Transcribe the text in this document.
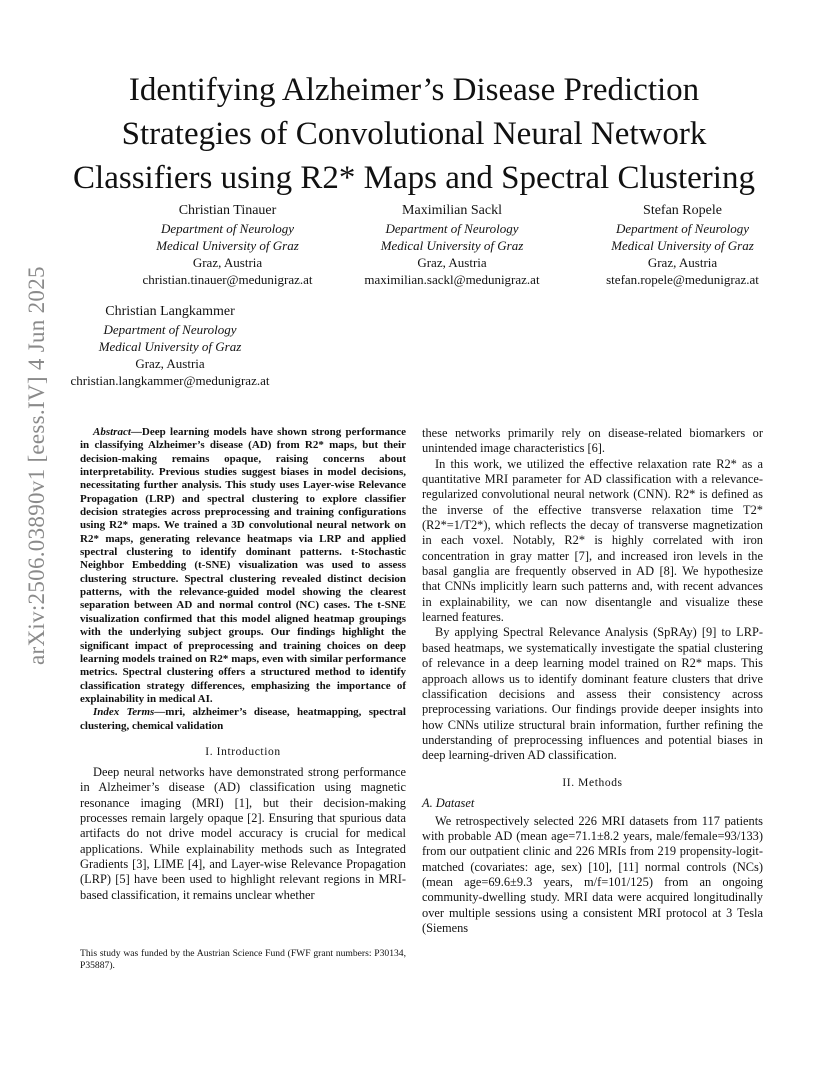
arXiv:2506.03890v1 [eess.IV] 4 Jun 2025
Identifying Alzheimer’s Disease Prediction Strategies of Convolutional Neural Network Classifiers using R2* Maps and Spectral Clustering
Christian Tinauer
Department of Neurology
Medical University of Graz
Graz, Austria
christian.tinauer@medunigraz.at
Maximilian Sackl
Department of Neurology
Medical University of Graz
Graz, Austria
maximilian.sackl@medunigraz.at
Stefan Ropele
Department of Neurology
Medical University of Graz
Graz, Austria
stefan.ropele@medunigraz.at
Christian Langkammer
Department of Neurology
Medical University of Graz
Graz, Austria
christian.langkammer@medunigraz.at

Abstract—Deep learning models have shown strong performance in classifying Alzheimer’s disease (AD) from R2* maps, but their decision-making remains opaque, raising concerns about interpretability. Previous studies suggest biases in model decisions, necessitating further analysis. This study uses Layer-wise Relevance Propagation (LRP) and spectral clustering to explore classifier decision strategies across preprocessing and training configurations using R2* maps. We trained a 3D convolutional neural network on R2* maps, generating relevance heatmaps via LRP and applied spectral clustering to identify dominant patterns. t-Stochastic Neighbor Embedding (t-SNE) visualization was used to assess clustering structure. Spectral clustering revealed distinct decision patterns, with the relevance-guided model showing the clearest separation between AD and normal control (NC) cases. The t-SNE visualization confirmed that this model aligned heatmap groupings with the underlying subject groups. Our findings highlight the significant impact of preprocessing and training choices on deep learning models trained on R2* maps, even with similar performance metrics. Spectral clustering offers a structured method to identify classification strategy differences, emphasizing the importance of explainability in medical AI.

Index Terms—mri, alzheimer’s disease, heatmapping, spectral clustering, chemical validation

I. Introduction

Deep neural networks have demonstrated strong performance in Alzheimer’s disease (AD) classification using magnetic resonance imaging (MRI) [1], but their decision-making processes remain largely opaque [2]. Ensuring that spurious data artifacts do not drive model accuracy is crucial for medical applications. While explainability methods such as Integrated Gradients [3], LIME [4], and Layer-wise Relevance Propagation (LRP) [5] have been used to highlight relevant regions in MRI-based classification, it remains unclear whether

This study was funded by the Austrian Science Fund (FWF grant numbers: P30134, P35887).

these networks primarily rely on disease-related biomarkers or unintended image characteristics [6].

In this work, we utilized the effective relaxation rate R2* as a quantitative MRI parameter for AD classification with a relevance-regularized convolutional neural network (CNN). R2* is defined as the inverse of the effective transverse relaxation time T2* (R2*=1/T2*), which reflects the decay of transverse magnetization in each voxel. Notably, R2* is highly correlated with iron concentration in gray matter [7], and increased iron levels in the basal ganglia are frequently observed in AD [8]. We hypothesize that CNNs implicitly learn such patterns and, with recent advances in explainability, we can now disentangle and visualize these learned features.

By applying Spectral Relevance Analysis (SpRAy) [9] to LRP-based heatmaps, we systematically investigate the spatial clustering of relevance in a deep learning model trained on R2* maps. This approach allows us to identify dominant feature clusters that drive classification decisions and assess their consistency across preprocessing variations. Our findings provide deeper insights into how CNNs utilize structural brain information, further refining the understanding of preprocessing influences and potential biases in deep learning-driven AD classification.

II. Methods

A. Dataset

We retrospectively selected 226 MRI datasets from 117 patients with probable AD (mean age=71.1±8.2 years, male/female=93/133) from our outpatient clinic and 226 MRIs from 219 propensity-logit-matched (covariates: age, sex) [10], [11] normal controls (NCs) (mean age=69.6±9.3 years, m/f=101/125) from an ongoing community-dwelling study. MRI data were acquired longitudinally over multiple sessions using a consistent MRI protocol at 3 Tesla (Siemens
